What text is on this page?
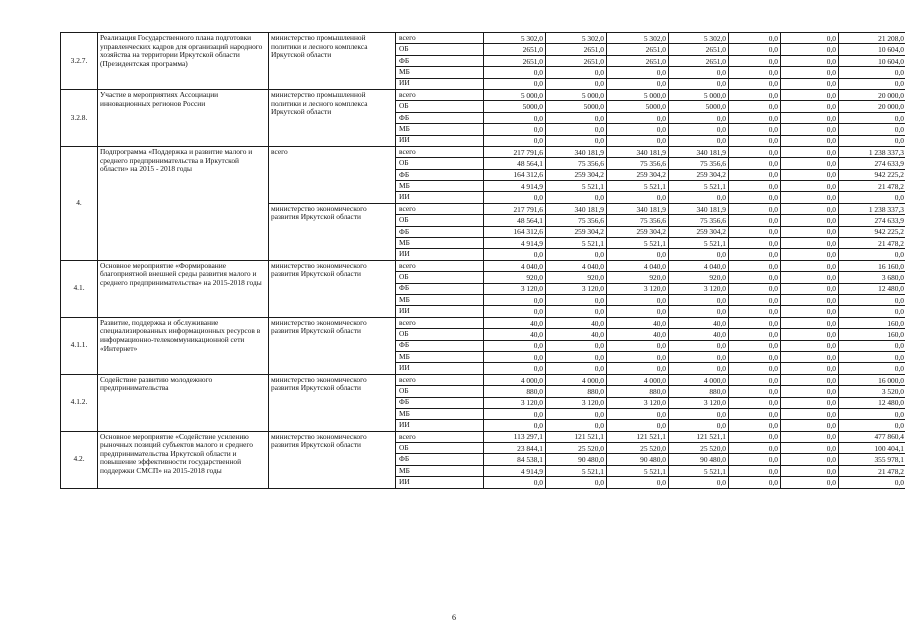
3.2.7.	Реализация Государственного плана подготовки управленческих кадров для организаций народного хозяйства на территории Иркутской области (Президентская программа)	министерство промышленной политики и лесного комплекса Иркутской области	всего	5 302,0	5 302,0	5 302,0	5 302,0	0,0	0,0	21 208,0
			ОБ	2651,0	2651,0	2651,0	2651,0	0,0	0,0	10 604,0
			ФБ	2651,0	2651,0	2651,0	2651,0	0,0	0,0	10 604,0
			МБ	0,0	0,0	0,0	0,0	0,0	0,0	0,0
			ИИ	0,0	0,0	0,0	0,0	0,0	0,0	0,0
3.2.8.	Участие в мероприятиях Ассоциации инновационных регионов России	министерство промышленной политики и лесного комплекса Иркутской области	всего	5 000,0	5 000,0	5 000,0	5 000,0	0,0	0,0	20 000,0
			ОБ	5000,0	5000,0	5000,0	5000,0	0,0	0,0	20 000,0
			ФБ	0,0	0,0	0,0	0,0	0,0	0,0	0,0
			МБ	0,0	0,0	0,0	0,0	0,0	0,0	0,0
			ИИ	0,0	0,0	0,0	0,0	0,0	0,0	0,0
4.	Подпрограмма «Поддержка и развитие малого и среднего предпринимательства в Иркутской области» на 2015 - 2018 годы	всего	всего	217 791,6	340 181,9	340 181,9	340 181,9	0,0	0,0	1 238 337,3
			ОБ	48 564,1	75 356,6	75 356,6	75 356,6	0,0	0,0	274 633,9
			ФБ	164 312,6	259 304,2	259 304,2	259 304,2	0,0	0,0	942 225,2
			МБ	4 914,9	5 521,1	5 521,1	5 521,1	0,0	0,0	21 478,2
			ИИ	0,0	0,0	0,0	0,0	0,0	0,0	0,0
		министерство экономического развития Иркутской области	всего	217 791,6	340 181,9	340 181,9	340 181,9	0,0	0,0	1 238 337,3
			ОБ	48 564,1	75 356,6	75 356,6	75 356,6	0,0	0,0	274 633,9
			ФБ	164 312,6	259 304,2	259 304,2	259 304,2	0,0	0,0	942 225,2
			МБ	4 914,9	5 521,1	5 521,1	5 521,1	0,0	0,0	21 478,2
			ИИ	0,0	0,0	0,0	0,0	0,0	0,0	0,0
4.1.	Основное мероприятие «Формирование благоприятной внешней среды развития малого и среднего предпринимательства» на 2015-2018 годы	министерство экономического развития Иркутской области	всего	4 040,0	4 040,0	4 040,0	4 040,0	0,0	0,0	16 160,0
			ОБ	920,0	920,0	920,0	920,0	0,0	0,0	3 680,0
			ФБ	3 120,0	3 120,0	3 120,0	3 120,0	0,0	0,0	12 480,0
			МБ	0,0	0,0	0,0	0,0	0,0	0,0	0,0
			ИИ	0,0	0,0	0,0	0,0	0,0	0,0	0,0
4.1.1.	Развитие, поддержка и обслуживание специализированных информационных ресурсов в информационно-телекоммуникационной сети «Интернет»	министерство экономического развития Иркутской области	всего	40,0	40,0	40,0	40,0	0,0	0,0	160,0
			ОБ	40,0	40,0	40,0	40,0	0,0	0,0	160,0
			ФБ	0,0	0,0	0,0	0,0	0,0	0,0	0,0
			МБ	0,0	0,0	0,0	0,0	0,0	0,0	0,0
			ИИ	0,0	0,0	0,0	0,0	0,0	0,0	0,0
4.1.2.	Содействие развитию молодежного предпринимательства	министерство экономического развития Иркутской области	всего	4 000,0	4 000,0	4 000,0	4 000,0	0,0	0,0	16 000,0
			ОБ	880,0	880,0	880,0	880,0	0,0	0,0	3 520,0
			ФБ	3 120,0	3 120,0	3 120,0	3 120,0	0,0	0,0	12 480,0
			МБ	0,0	0,0	0,0	0,0	0,0	0,0	0,0
			ИИ	0,0	0,0	0,0	0,0	0,0	0,0	0,0
4.2.	Основное мероприятие «Содействие усилению рыночных позиций субъектов малого и среднего предпринимательства Иркутской области и повышение эффективности государственной поддержки СМСП» на 2015-2018 годы	министерство экономического развития Иркутской области	всего	113 297,1	121 521,1	121 521,1	121 521,1	0,0	0,0	477 860,4
			ОБ	23 844,1	25 520,0	25 520,0	25 520,0	0,0	0,0	100 404,1
			ФБ	84 538,1	90 480,0	90 480,0	90 480,0	0,0	0,0	355 978,1
			МБ	4 914,9	5 521,1	5 521,1	5 521,1	0,0	0,0	21 478,2
			ИИ	0,0	0,0	0,0	0,0	0,0	0,0	0,0
6
